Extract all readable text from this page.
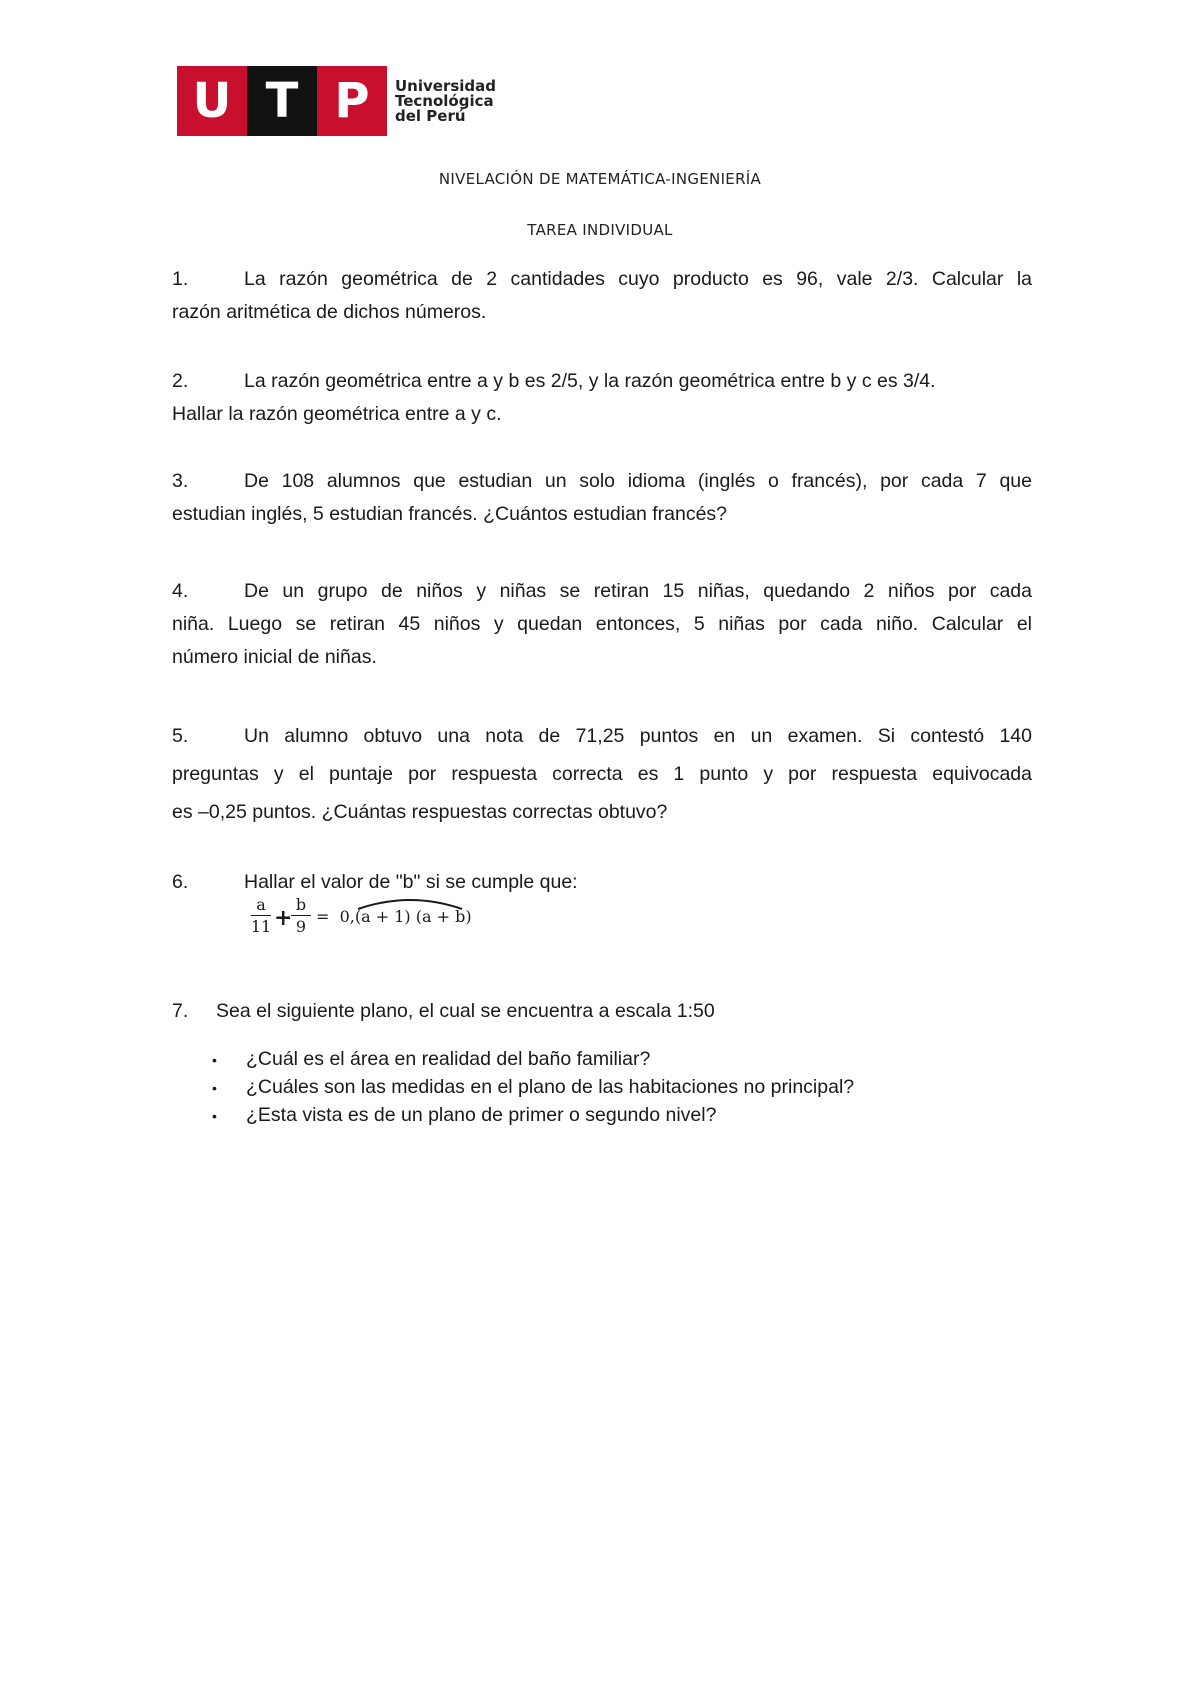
U T P	Universidad
Tecnológica
del Perú
NIVELACIÓN DE MATEMÁTICA-INGENIERÍA
TAREA INDIVIDUAL
1.	La razón geométrica de 2 cantidades cuyo producto es 96, vale 2/3. Calcular la
razón aritmética de dichos números.
2.	La razón geométrica entre a y b es 2/5, y la razón geométrica entre b y c es 3/4.
Hallar la razón geométrica entre a y c.
3.	De 108 alumnos que estudian un solo idioma (inglés o francés), por cada 7 que
estudian inglés, 5 estudian francés. ¿Cuántos estudian francés?
4.	De un grupo de niños y niñas se retiran 15 niñas, quedando 2 niños por cada
niña. Luego se retiran 45 niños y quedan entonces, 5 niñas por cada niño. Calcular el
número inicial de niñas.
5.	Un alumno obtuvo una nota de 71,25 puntos en un examen. Si contestó 140
preguntas y el puntaje por respuesta correcta es 1 punto y por respuesta equivocada
es –0,25 puntos. ¿Cuántas respuestas correctas obtuvo?
6.	Hallar el valor de "b" si se cumple que:
a
11 +
b
9
=  0,(a + 1) (a + b)
7. Sea el siguiente plano, el cual se encuentra a escala 1:50
• ¿Cuál es el área en realidad del baño familiar?
• ¿Cuáles son las medidas en el plano de las habitaciones no principal?
• ¿Esta vista es de un plano de primer o segundo nivel?
